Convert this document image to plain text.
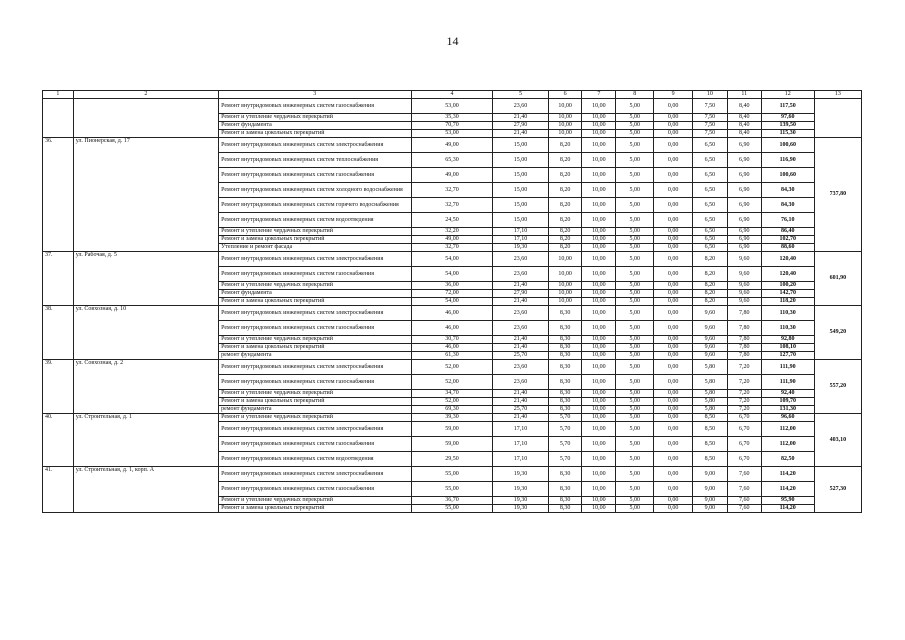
14
1	2	3	4	5	6	7	8	9	10	11	12	13
		Ремонт внутридомовых инженерных систем газоснабжения	53,00	23,60	10,00	10,00	5,00	0,00	7,50	8,40	117,50	
		Ремонт и утепление чердачных перекрытий	35,30	21,40	10,00	10,00	5,00	0,00	7,50	8,40	97,60	
		Ремонт фундамента	70,70	27,90	10,00	10,00	5,00	0,00	7,50	8,40	139,50	
		Ремонт и замена цокольных перекрытий	53,00	21,40	10,00	10,00	5,00	0,00	7,50	8,40	115,30	
36.	ул. Пионерская, д. 17	Ремонт внутридомовых инженерных систем электроснабжения	49,00	15,00	8,20	10,00	5,00	0,00	6,50	6,90	100,60	737,80
		Ремонт внутридомовых инженерных систем теплоснабжения	65,30	15,00	8,20	10,00	5,00	0,00	6,50	6,90	116,90	
		Ремонт внутридомовых инженерных систем газоснабжения	49,00	15,00	8,20	10,00	5,00	0,00	6,50	6,90	100,60	
		Ремонт внутридомовых инженерных систем холодного водоснабжения	32,70	15,00	8,20	10,00	5,00	0,00	6,50	6,90	84,30	
		Ремонт внутридомовых инженерных систем горячего водоснабжения	32,70	15,00	8,20	10,00	5,00	0,00	6,50	6,90	84,30	
		Ремонт внутридомовых инженерных систем водоотведения	24,50	15,00	8,20	10,00	5,00	0,00	6,50	6,90	76,10	
		Ремонт и утепление чердачных перекрытий	32,20	17,10	8,20	10,00	5,00	0,00	6,50	6,90	86,40	
		Ремонт и замена цокольных перекрытий	49,00	17,10	8,20	10,00	5,00	0,00	6,50	6,90	102,70	
		Утепление и ремонт фасада	32,70	19,30	8,20	10,00	5,00	0,00	6,50	6,90	88,60	
37.	ул. Рабочая, д. 5	Ремонт внутридомовых инженерных систем электроснабжения	54,00	23,60	10,00	10,00	5,00	0,00	8,20	9,60	120,40	601,90
		Ремонт внутридомовых инженерных систем газоснабжения	54,00	23,60	10,00	10,00	5,00	0,00	8,20	9,60	120,40	
		Ремонт и утепление чердачных перекрытий	36,00	21,40	10,00	10,00	5,00	0,00	8,20	9,60	100,20	
		Ремонт фундамента	72,00	27,90	10,00	10,00	5,00	0,00	8,20	9,60	142,70	
		Ремонт и замена цокольных перекрытий	54,00	21,40	10,00	10,00	5,00	0,00	8,20	9,60	118,20	
38.	ул. Совхозная, д. 10	Ремонт внутридомовых инженерных систем электроснабжения	46,00	23,60	8,30	10,00	5,00	0,00	9,60	7,80	110,30	549,20
		Ремонт внутридомовых инженерных систем газоснабжения	46,00	23,60	8,30	10,00	5,00	0,00	9,60	7,80	110,30	
		Ремонт и утепление чердачных перекрытий	30,70	21,40	8,30	10,00	5,00	0,00	9,60	7,80	92,80	
		Ремонт и замена цокольных перекрытий	46,00	21,40	8,30	10,00	5,00	0,00	9,60	7,80	108,10	
		ремонт фундамента	61,30	25,70	8,30	10,00	5,00	0,00	9,60	7,80	127,70	
39.	ул. Совхозная, д. 2	Ремонт внутридомовых инженерных систем электроснабжения	52,00	23,60	8,30	10,00	5,00	0,00	5,80	7,20	111,90	557,20
		Ремонт внутридомовых инженерных систем газоснабжения	52,00	23,60	8,30	10,00	5,00	0,00	5,80	7,20	111,90	
		Ремонт и утепление чердачных перекрытий	34,70	21,40	8,30	10,00	5,00	0,00	5,80	7,20	92,40	
		Ремонт и замена цокольных перекрытий	52,00	21,40	8,30	10,00	5,00	0,00	5,80	7,20	109,70	
		ремонт фундамента	69,30	25,70	8,30	10,00	5,00	0,00	5,80	7,20	131,30	
40.	ул. Строительная, д. 1	Ремонт и утепление чердачных перекрытий	39,30	21,40	5,70	10,00	5,00	0,00	8,50	6,70	96,60	403,10
		Ремонт внутридомовых инженерных систем электроснабжения	59,00	17,10	5,70	10,00	5,00	0,00	8,50	6,70	112,00	
		Ремонт внутридомовых инженерных систем газоснабжения	59,00	17,10	5,70	10,00	5,00	0,00	8,50	6,70	112,00	
		Ремонт внутридомовых инженерных систем водоотведения	29,50	17,10	5,70	10,00	5,00	0,00	8,50	6,70	82,50	
41.	ул. Строительная, д. 1, корп. А	Ремонт внутридомовых инженерных систем электроснабжения	55,00	19,30	8,30	10,00	5,00	0,00	9,00	7,60	114,20	527,30
		Ремонт внутридомовых инженерных систем газоснабжения	55,00	19,30	8,30	10,00	5,00	0,00	9,00	7,60	114,20	
		Ремонт и утепление чердачных перекрытий	36,70	19,30	8,30	10,00	5,00	0,00	9,00	7,60	95,90	
		Ремонт и замена цокольных перекрытий	55,00	19,30	8,30	10,00	5,00	0,00	9,00	7,60	114,20	
